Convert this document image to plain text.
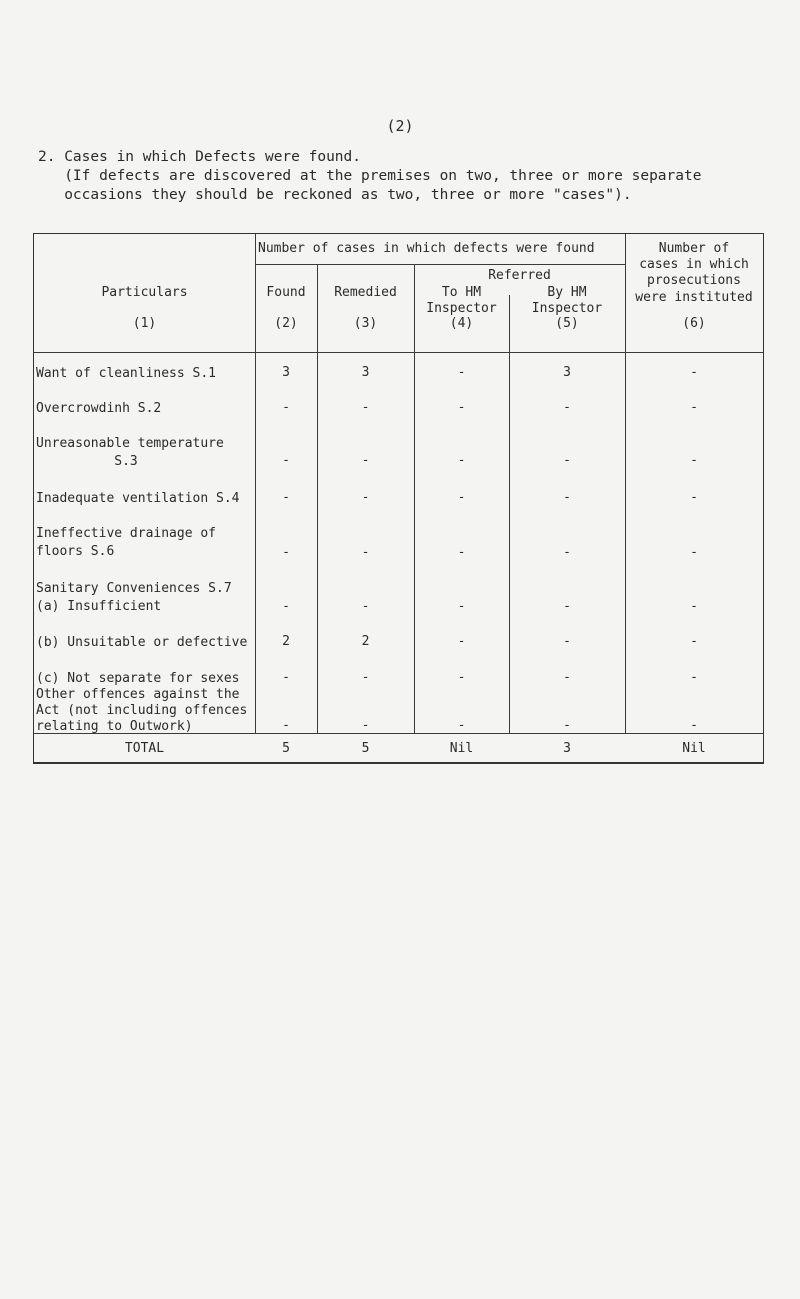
(2)

2. Cases in which Defects were found.

(If defects are discovered at the premises on two, three or more separate

occasions they should be reckoned as two, three or more "cases").

Number of cases in which defects were found
Particulars
(1)
Found
(2)
Remedied
(3)
Referred
To HM
Inspector
(4)
By HM
Inspector
(5)
Number of
cases in which
prosecutions
were instituted
(6)
Want of cleanliness S.1	3	3	-	3	-
Overcrowdinh S.2	-	-	-	-	-
Unreasonable temperature
S.3	-	-	-	-	-
Inadequate ventilation S.4	-	-	-	-	-
Ineffective drainage of
floors S.6	-	-	-	-	-
Sanitary Conveniences S.7
(a) Insufficient	-	-	-	-	-
(b) Unsuitable or defective	2	2	-	-	-
(c) Not separate for sexes	-	-	-	-	-
Other offences against the
Act (not including offences
relating to Outwork)	-	-	-	-	-
TOTAL	5	5	Nil	3	Nil
